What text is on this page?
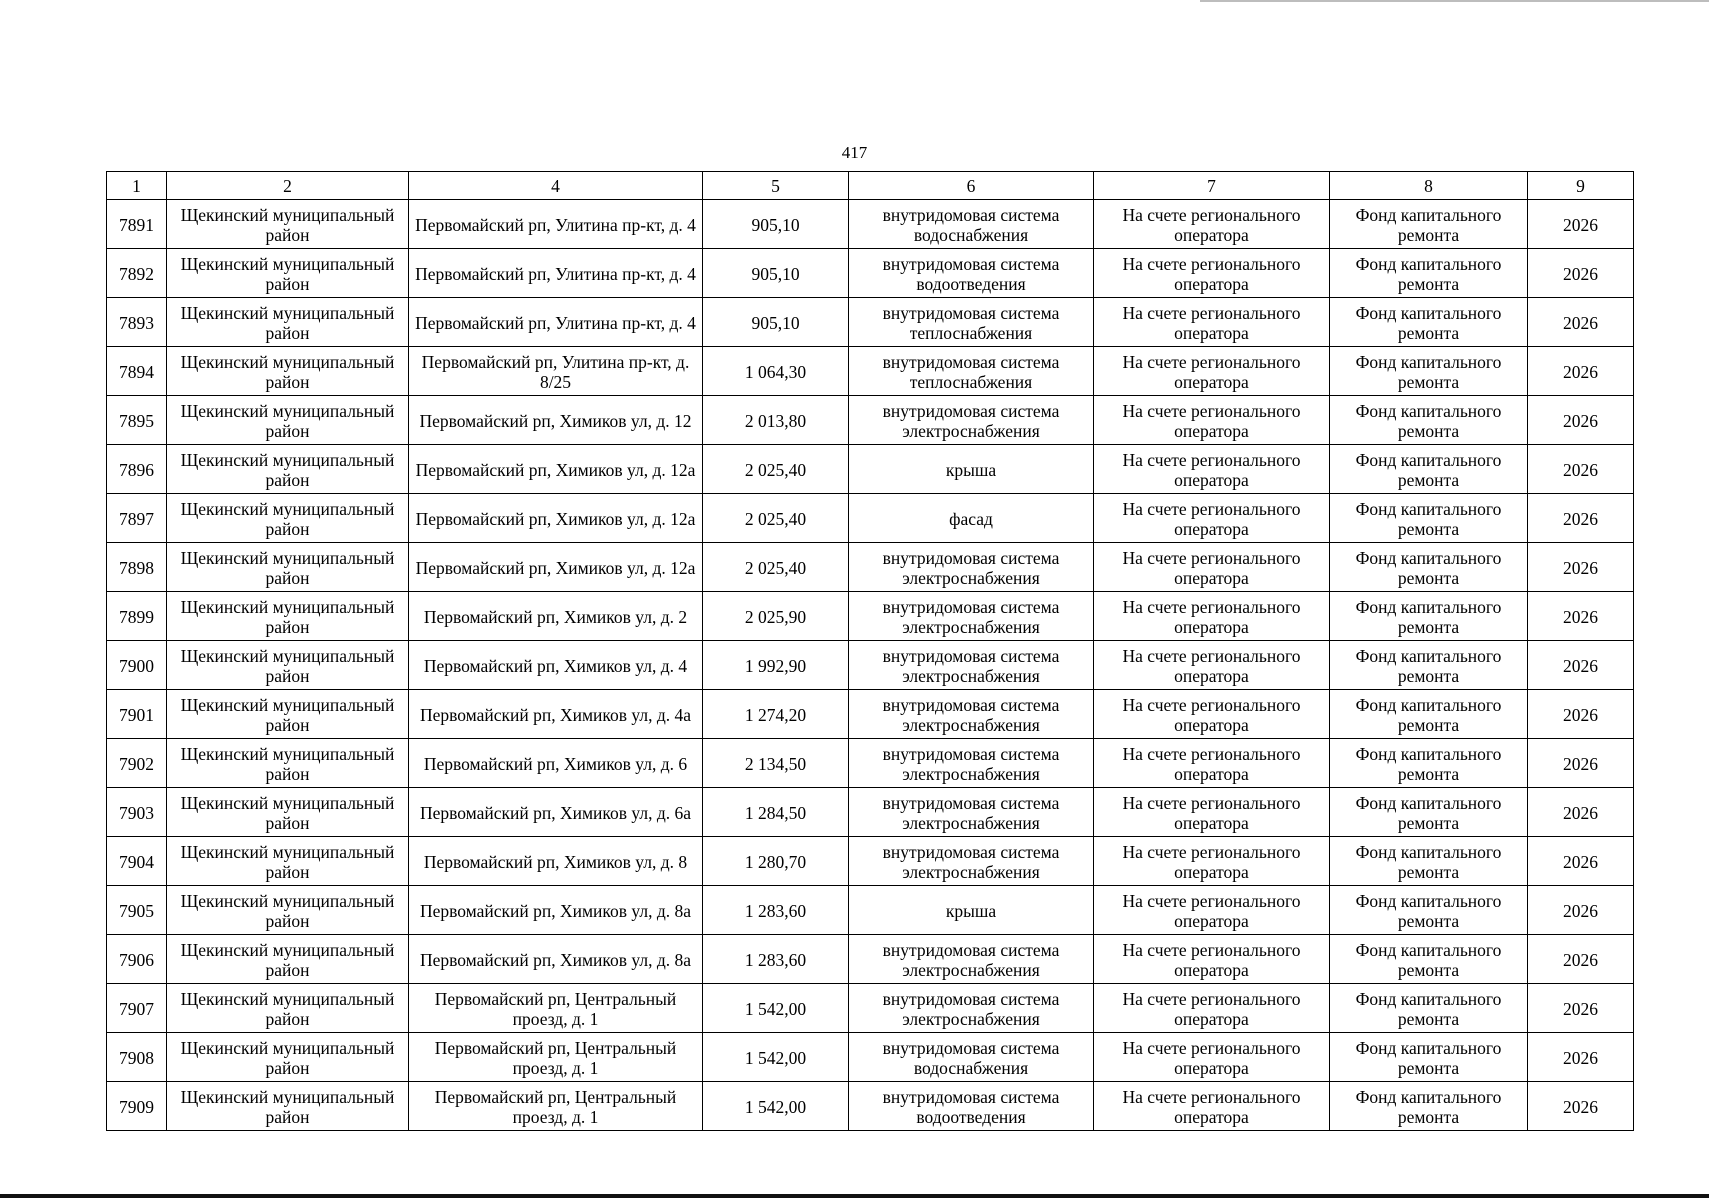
417
1	2	4	5	6	7	8	9
7891	Щекинский муниципальный район	Первомайский рп, Улитина пр-кт, д. 4	905,10	внутридомовая система водоснабжения	На счете регионального оператора	Фонд капитального ремонта	2026
7892	Щекинский муниципальный район	Первомайский рп, Улитина пр-кт, д. 4	905,10	внутридомовая система водоотведения	На счете регионального оператора	Фонд капитального ремонта	2026
7893	Щекинский муниципальный район	Первомайский рп, Улитина пр-кт, д. 4	905,10	внутридомовая система теплоснабжения	На счете регионального оператора	Фонд капитального ремонта	2026
7894	Щекинский муниципальный район	Первомайский рп, Улитина пр-кт, д. 8/25	1 064,30	внутридомовая система теплоснабжения	На счете регионального оператора	Фонд капитального ремонта	2026
7895	Щекинский муниципальный район	Первомайский рп, Химиков ул, д. 12	2 013,80	внутридомовая система электроснабжения	На счете регионального оператора	Фонд капитального ремонта	2026
7896	Щекинский муниципальный район	Первомайский рп, Химиков ул, д. 12а	2 025,40	крыша	На счете регионального оператора	Фонд капитального ремонта	2026
7897	Щекинский муниципальный район	Первомайский рп, Химиков ул, д. 12а	2 025,40	фасад	На счете регионального оператора	Фонд капитального ремонта	2026
7898	Щекинский муниципальный район	Первомайский рп, Химиков ул, д. 12а	2 025,40	внутридомовая система электроснабжения	На счете регионального оператора	Фонд капитального ремонта	2026
7899	Щекинский муниципальный район	Первомайский рп, Химиков ул, д. 2	2 025,90	внутридомовая система электроснабжения	На счете регионального оператора	Фонд капитального ремонта	2026
7900	Щекинский муниципальный район	Первомайский рп, Химиков ул, д. 4	1 992,90	внутридомовая система электроснабжения	На счете регионального оператора	Фонд капитального ремонта	2026
7901	Щекинский муниципальный район	Первомайский рп, Химиков ул, д. 4а	1 274,20	внутридомовая система электроснабжения	На счете регионального оператора	Фонд капитального ремонта	2026
7902	Щекинский муниципальный район	Первомайский рп, Химиков ул, д. 6	2 134,50	внутридомовая система электроснабжения	На счете регионального оператора	Фонд капитального ремонта	2026
7903	Щекинский муниципальный район	Первомайский рп, Химиков ул, д. 6а	1 284,50	внутридомовая система электроснабжения	На счете регионального оператора	Фонд капитального ремонта	2026
7904	Щекинский муниципальный район	Первомайский рп, Химиков ул, д. 8	1 280,70	внутридомовая система электроснабжения	На счете регионального оператора	Фонд капитального ремонта	2026
7905	Щекинский муниципальный район	Первомайский рп, Химиков ул, д. 8а	1 283,60	крыша	На счете регионального оператора	Фонд капитального ремонта	2026
7906	Щекинский муниципальный район	Первомайский рп, Химиков ул, д. 8а	1 283,60	внутридомовая система электроснабжения	На счете регионального оператора	Фонд капитального ремонта	2026
7907	Щекинский муниципальный район	Первомайский рп, Центральный проезд, д. 1	1 542,00	внутридомовая система электроснабжения	На счете регионального оператора	Фонд капитального ремонта	2026
7908	Щекинский муниципальный район	Первомайский рп, Центральный проезд, д. 1	1 542,00	внутридомовая система водоснабжения	На счете регионального оператора	Фонд капитального ремонта	2026
7909	Щекинский муниципальный район	Первомайский рп, Центральный проезд, д. 1	1 542,00	внутридомовая система водоотведения	На счете регионального оператора	Фонд капитального ремонта	2026
